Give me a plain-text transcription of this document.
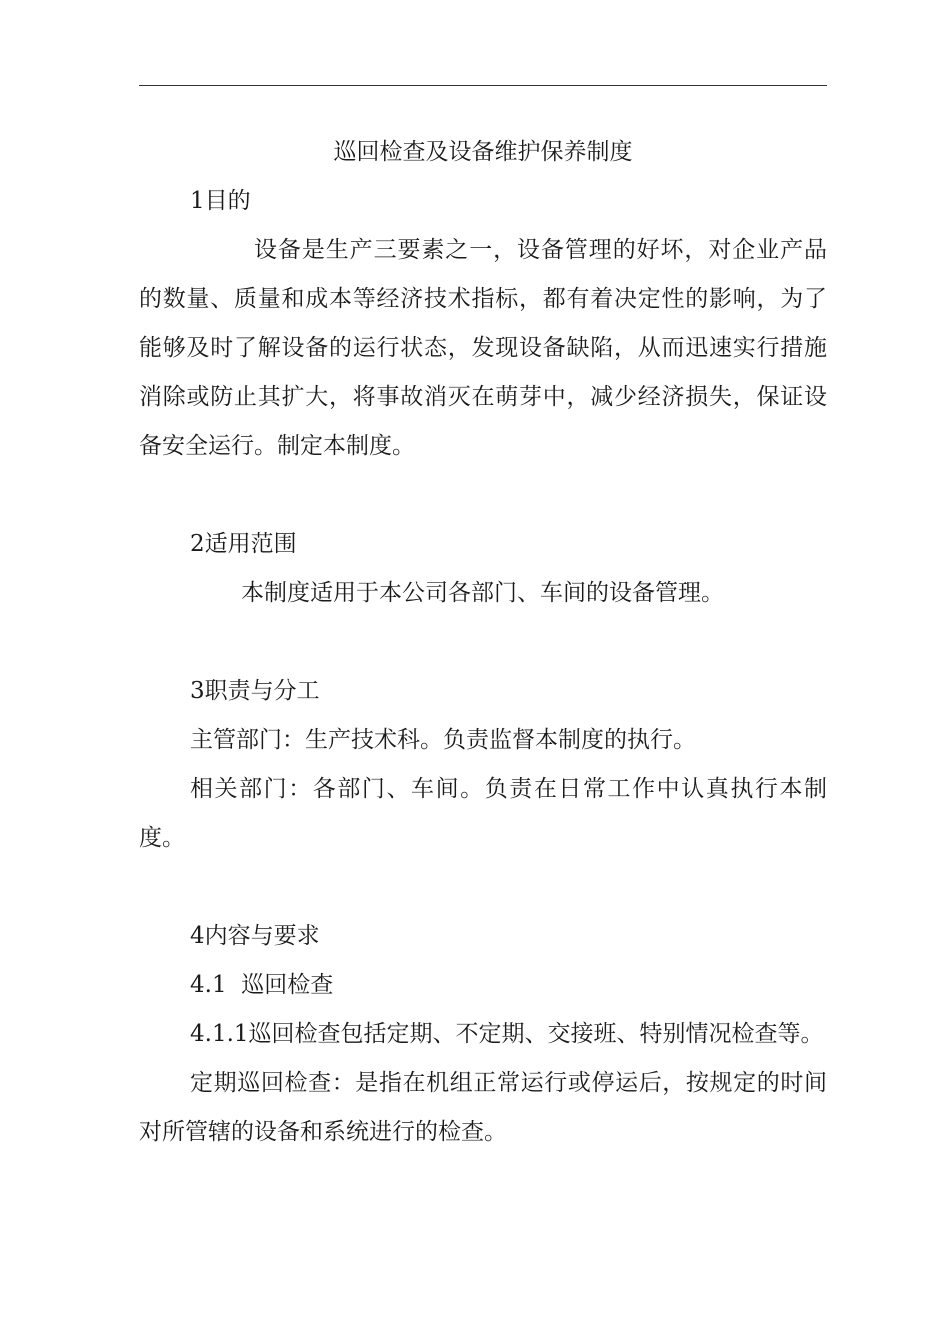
巡回检查及设备维护保养制度

1目的

设备是生产三要素之一，设备管理的好坏，对企业产品的数量、质量和成本等经济技术指标，都有着决定性的影响，为了能够及时了解设备的运行状态，发现设备缺陷，从而迅速实行措施消除或防止其扩大，将事故消灭在萌芽中，减少经济损失，保证设备安全运行。制定本制度。

2适用范围

本制度适用于本公司各部门、车间的设备管理。

3职责与分工

主管部门：生产技术科。负责监督本制度的执行。

相关部门：各部门、车间。负责在日常工作中认真执行本制度。

4内容与要求

4.1  巡回检查

4.1.1巡回检查包括定期、不定期、交接班、特别情况检查等。

定期巡回检查：是指在机组正常运行或停运后，按规定的时间对所管辖的设备和系统进行的检查。
